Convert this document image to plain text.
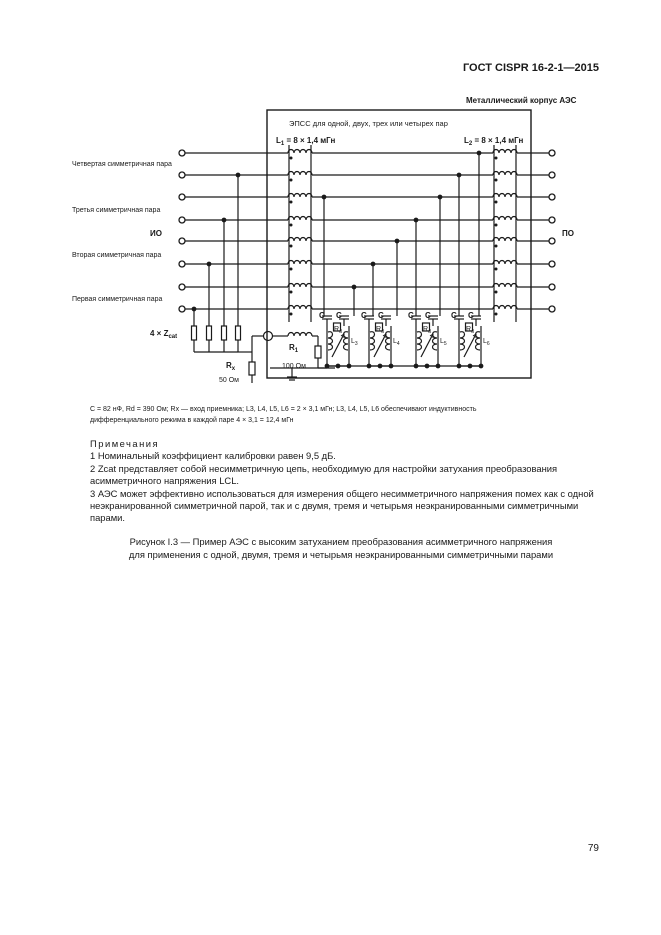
ГОСТ CISPR 16-2-1—2015
Металлический корпус АЭС
ЭПСС для одной, двух, трех или четырех пар
$L_1 = 8 \times 1,4$ мГн	$L_2 = 8 \times 1,4$ мГн
Четвертая симметричная пара
Третья симметричная пара
Вторая симметричная пара
Первая симметричная пара
ИО	ПО
$4 \times Z_{cat}$
$R_x$
50 Ом
$R_1$
100 Ом
C C
$R_d$
$L_3$
C C
$R_d$
$L_4$
C C
$R_d$
$L_5$
C C
$R_d$
$L_6$
C = 82 нФ, Rd = 390 Ом; Rx — вход приемника; L3, L4, L5, L6 = 2 × 3,1 мГн; L3, L4, L5, L6 обеспечивают индуктивность
дифференциального режима в каждой паре 4 × 3,1 = 12,4 мГн

Примечания

1 Номинальный коэффициент калибровки равен 9,5 дБ.

2 Zcat представляет собой несимметричную цепь, необходимую для настройки затухания преобразования асимметричного напряжения LCL.

3 АЭС может эффективно использоваться для измерения общего несимметричного напряжения помех как с одной неэкранированной симметричной парой, так и с двумя, тремя и четырьмя неэкранированными симметричными парами.

Рисунок I.3 — Пример АЭС с высоким затуханием преобразования асимметричного напряжения
для применения с одной, двумя, тремя и четырьмя неэкранированными симметричными парами
79
